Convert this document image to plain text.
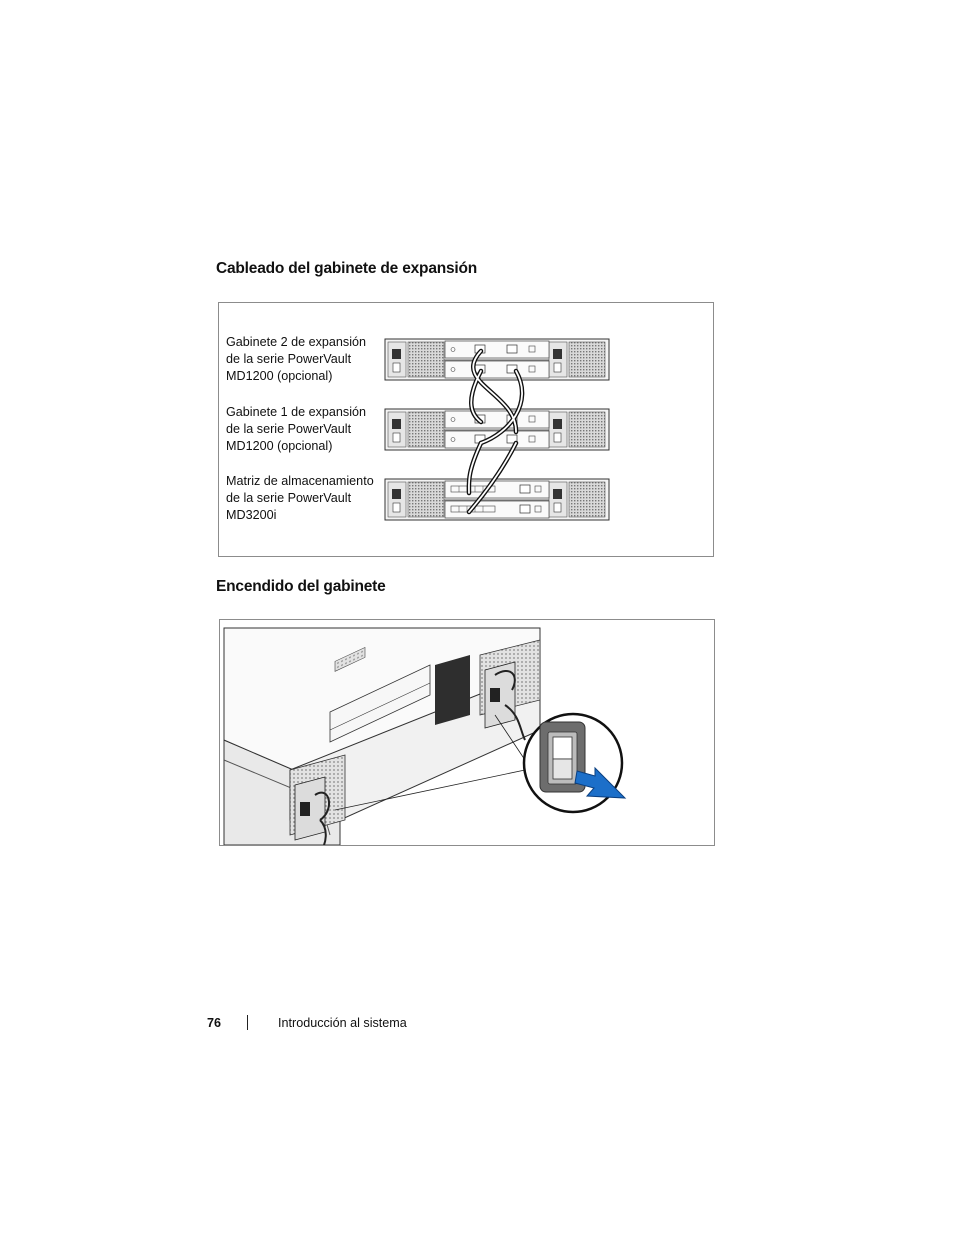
Cableado del gabinete de expansión
Gabinete 2 de expansión
de la serie PowerVault
MD1200 (opcional)
Gabinete 1 de expansión
de la serie PowerVault
MD1200 (opcional)
Matriz de almacenamiento
de la serie PowerVault
MD3200i
Encendido del gabinete
76	Introducción al sistema
